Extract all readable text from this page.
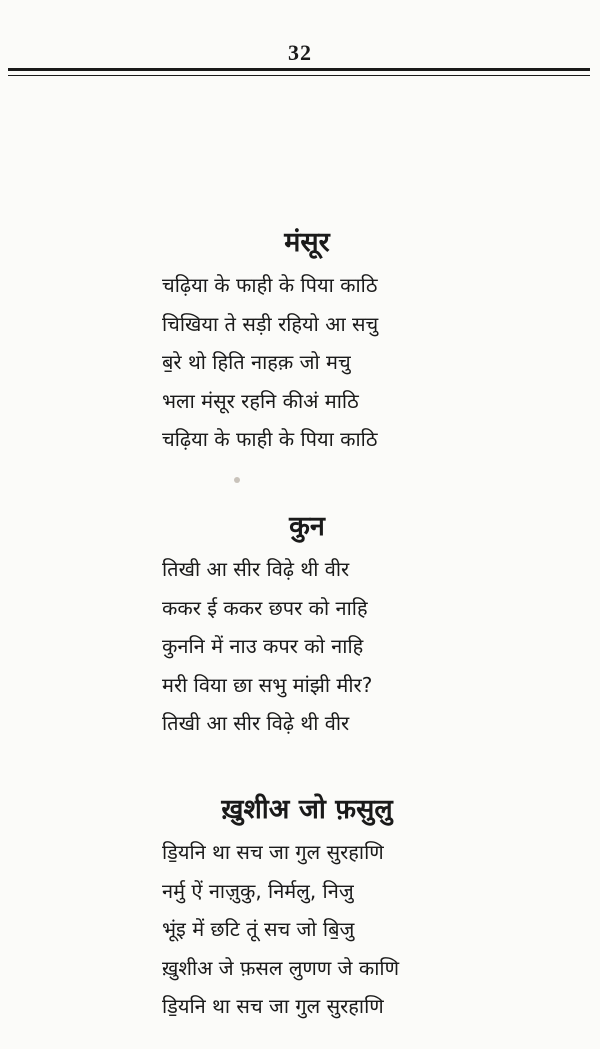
32
मंसूर
चढ़िया के फाही के पिया काठि
चिखिया ते सड़ी रहियो आ सचु
ब॒रे थो हिति नाहक़ जो मचु
भला मंसूर रहनि कीअं माठि
चढ़िया के फाही के पिया काठि
कुन
तिखी आ सीर विढ़े थी वीर
ककर ई ककर छपर को नाहि
कुननि में नाउ कपर को नाहि
मरी विया छा सभु मांझी मीर?
तिखी आ सीर विढ़े थी वीर
ख़ुशीअ जो फ़सुलु
डि॒यनि था सच जा गुल सुरहाणि
नर्मु ऐं नाज़ुकु, निर्मलु, निजु
भूंइ में छटि तूं सच जो बि॒जु
ख़ुशीअ जे फ़सल लुणण जे काणि
डि॒यनि था सच जा गुल सुरहाणि
